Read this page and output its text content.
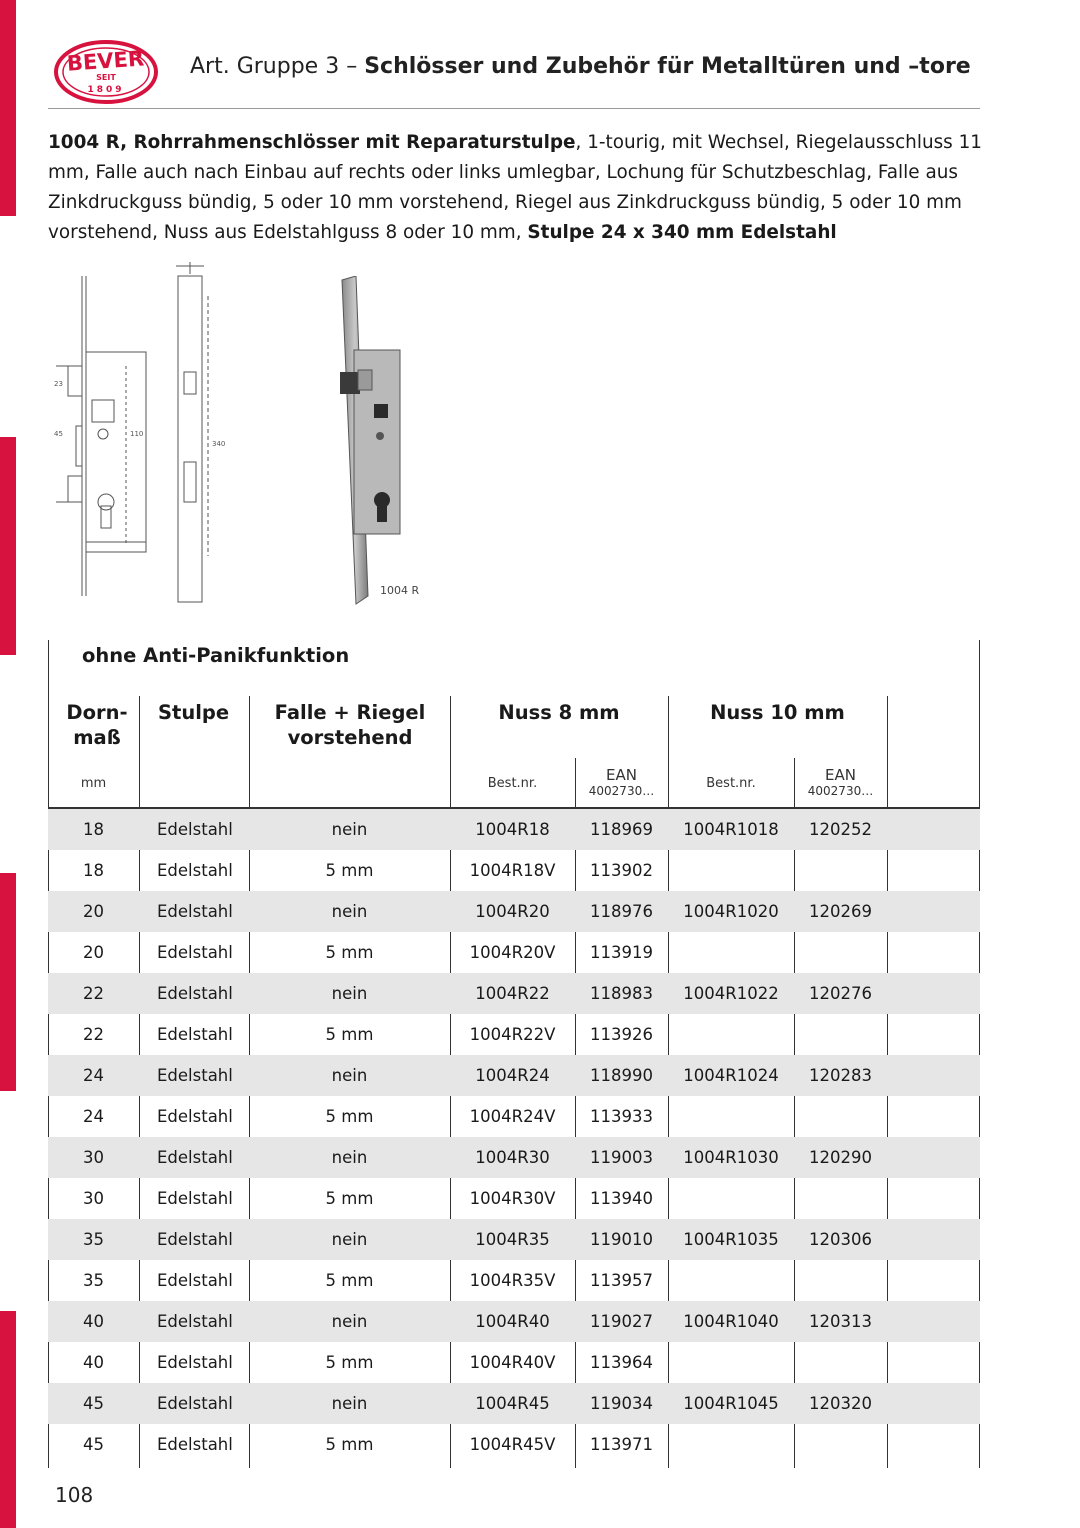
BEVER
SEIT
1809
Art. Gruppe 3 – Schlösser und Zubehör für Metalltüren und –tore
1004 R, Rohrrahmenschlösser mit Reparaturstulpe, 1-tourig, mit Wechsel, Riegelausschluss 11 mm, Falle auch nach Einbau auf rechts oder links umlegbar, Lochung für Schutzbeschlag, Falle aus Zinkdruckguss bündig, 5 oder 10 mm vorstehend, Riegel aus Zinkdruckguss bündig, 5 oder 10 mm vorstehend, Nuss aus Edelstahlguss 8 oder 10 mm, Stulpe 24 x 340 mm Edelstahl
23
45	110
340
1004 R
ohne Anti-Panikfunktion
Dorn-
maß
Stulpe	Falle + Riegel
vorstehend
Nuss 8 mm	Nuss 10 mm
mm	Best.nr.	EAN
4002730…	Best.nr.	EAN
4002730…
18	Edelstahl	nein	1004R18	118969	1004R1018	120252
18	Edelstahl	5 mm	1004R18V	113902
20	Edelstahl	nein	1004R20	118976	1004R1020	120269
20	Edelstahl	5 mm	1004R20V	113919
22	Edelstahl	nein	1004R22	118983	1004R1022	120276
22	Edelstahl	5 mm	1004R22V	113926
24	Edelstahl	nein	1004R24	118990	1004R1024	120283
24	Edelstahl	5 mm	1004R24V	113933
30	Edelstahl	nein	1004R30	119003	1004R1030	120290
30	Edelstahl	5 mm	1004R30V	113940
35	Edelstahl	nein	1004R35	119010	1004R1035	120306
35	Edelstahl	5 mm	1004R35V	113957
40	Edelstahl	nein	1004R40	119027	1004R1040	120313
40	Edelstahl	5 mm	1004R40V	113964
45	Edelstahl	nein	1004R45	119034	1004R1045	120320
45	Edelstahl	5 mm	1004R45V	113971
108
